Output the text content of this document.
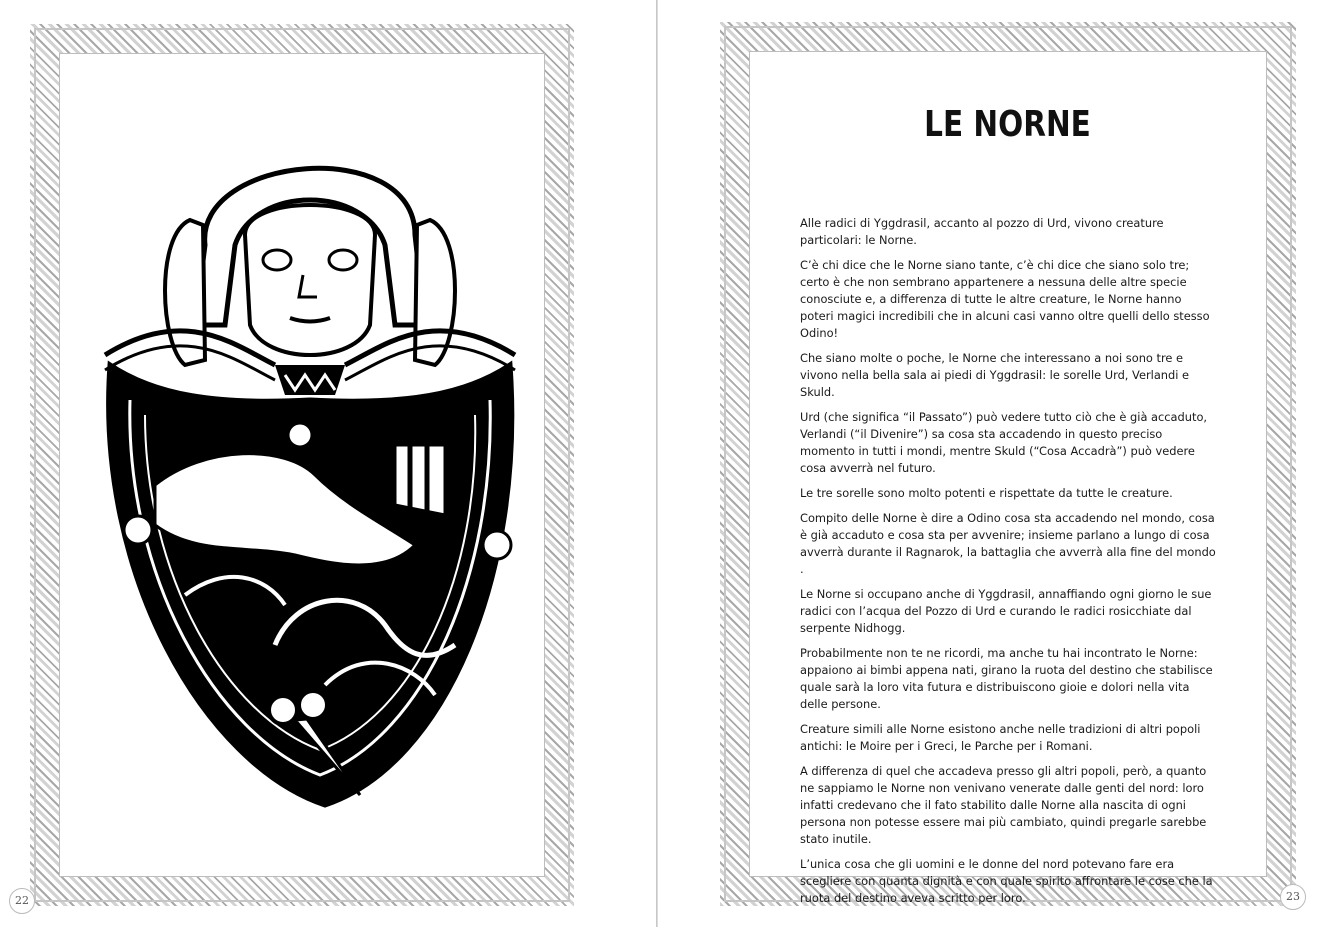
22	23
LE NORNE

Alle radici di Yggdrasil, accanto al pozzo di Urd, vivono creature particolari: le Norne.

C’è chi dice che le Norne siano tante, c’è chi dice che siano solo tre; certo è che non sembrano appartenere a nessuna delle altre specie conosciute e, a differenza di tutte le altre creature, le Norne hanno poteri magici incredibili che in alcuni casi vanno oltre quelli dello stesso Odino!

Che siano molte o poche, le Norne che interessano a noi sono tre e vivono nella bella sala ai piedi di Yggdrasil: le sorelle Urd, Verlandi e Skuld.

Urd (che significa “il Passato”) può vedere tutto ciò che è già accaduto, Verlandi (“il Divenire”) sa cosa sta accadendo in questo preciso momento in tutti i mondi, mentre Skuld (“Cosa Accadrà”) può vedere cosa avverrà nel futuro.

Le tre sorelle sono molto potenti e rispettate da tutte le creature.

Compito delle Norne è dire a Odino cosa sta accadendo nel mondo, cosa è già accaduto e cosa sta per avvenire; insieme parlano a lungo di cosa avverrà durante il Ragnarok, la battaglia che avverrà alla fine del mondo .

Le Norne si occupano anche di Yggdrasil, annaffiando ogni giorno le sue radici con l’acqua del Pozzo di Urd e curando le radici rosicchiate dal serpente Nidhogg.

Probabilmente non te ne ricordi, ma anche tu hai incontrato le Norne: appaiono ai bimbi appena nati, girano la ruota del destino che stabilisce quale sarà la loro vita futura e distribuiscono gioie e dolori nella vita delle persone.

Creature simili alle Norne esistono anche nelle tradizioni di altri popoli antichi: le Moire per i Greci, le Parche per i Romani.

A differenza di quel che accadeva presso gli altri popoli, però, a quanto ne sappiamo le Norne non venivano venerate dalle genti del nord: loro infatti credevano che il fato stabilito dalle Norne alla nascita di ogni persona non potesse essere mai più cambiato, quindi pregarle sarebbe stato inutile.

L’unica cosa che gli uomini e le donne del nord potevano fare era scegliere con quanta dignità e con quale spirito affrontare le cose che la ruota del destino aveva scritto per loro.
